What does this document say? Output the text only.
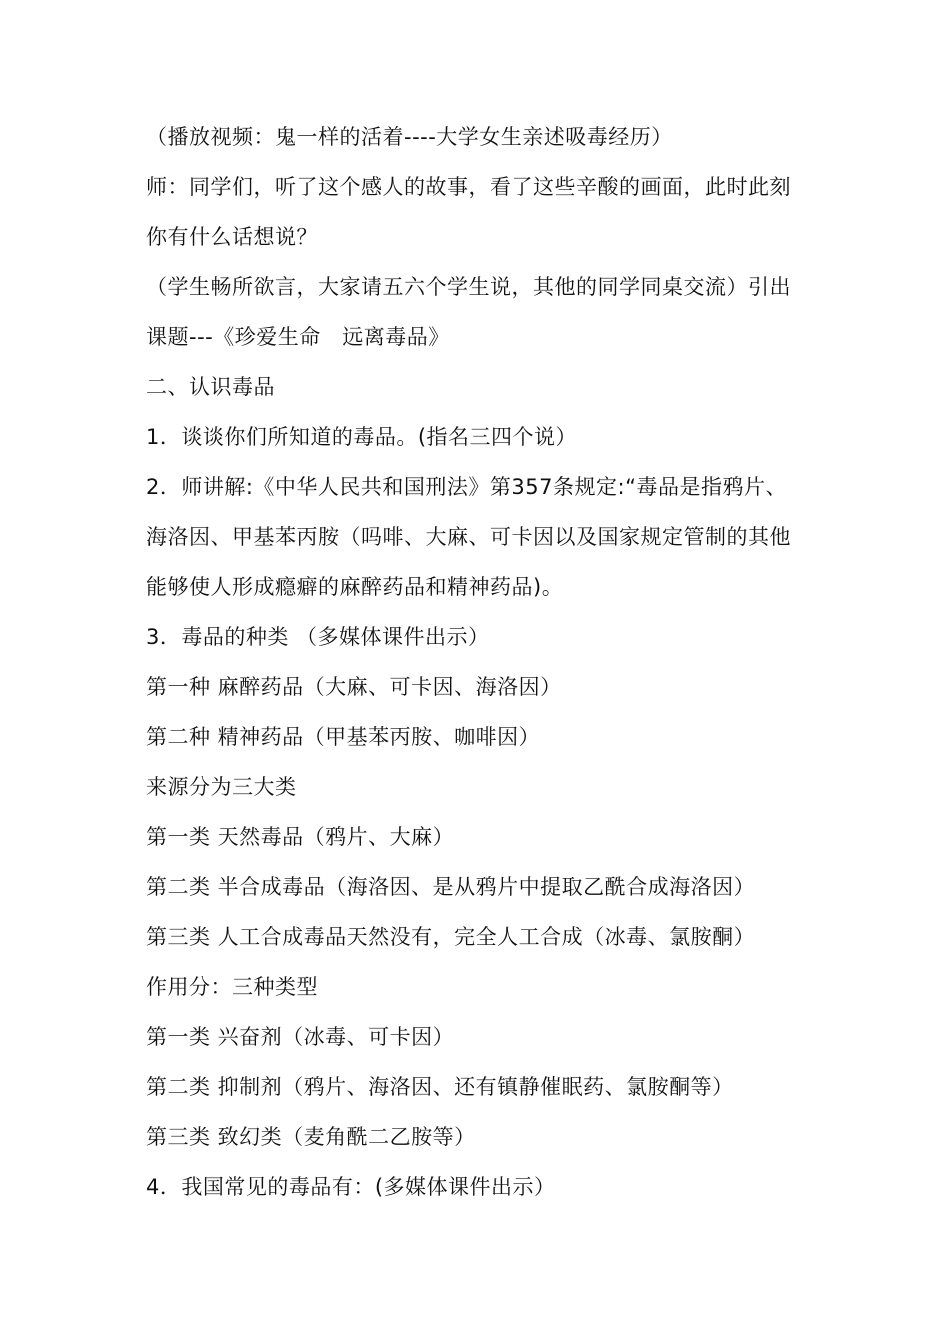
（播放视频：鬼一样的活着----大学女生亲述吸毒经历）
师：同学们，听了这个感人的故事，看了这些辛酸的画面，此时此刻
你有什么话想说？
（学生畅所欲言，大家请五六个学生说，其他的同学同桌交流）引出
课题---《珍爱生命　远离毒品》
二、认识毒品
1．谈谈你们所知道的毒品。(指名三四个说）
2．师讲解:《中华人民共和国刑法》第357条规定:“毒品是指鸦片、
海洛因、甲基苯丙胺（吗啡、大麻、可卡因以及国家规定管制的其他
能够使人形成瘾癖的麻醉药品和精神药品)。
3．毒品的种类 （多媒体课件出示）
第一种 麻醉药品（大麻、可卡因、海洛因）
第二种 精神药品（甲基苯丙胺、咖啡因）
来源分为三大类
第一类 天然毒品（鸦片、大麻）
第二类 半合成毒品（海洛因、是从鸦片中提取乙酰合成海洛因）
第三类 人工合成毒品天然没有，完全人工合成（冰毒、氯胺酮）
作用分：三种类型
第一类 兴奋剂（冰毒、可卡因）
第二类 抑制剂（鸦片、海洛因、还有镇静催眠药、氯胺酮等）
第三类 致幻类（麦角酰二乙胺等）
4．我国常见的毒品有：(多媒体课件出示）
